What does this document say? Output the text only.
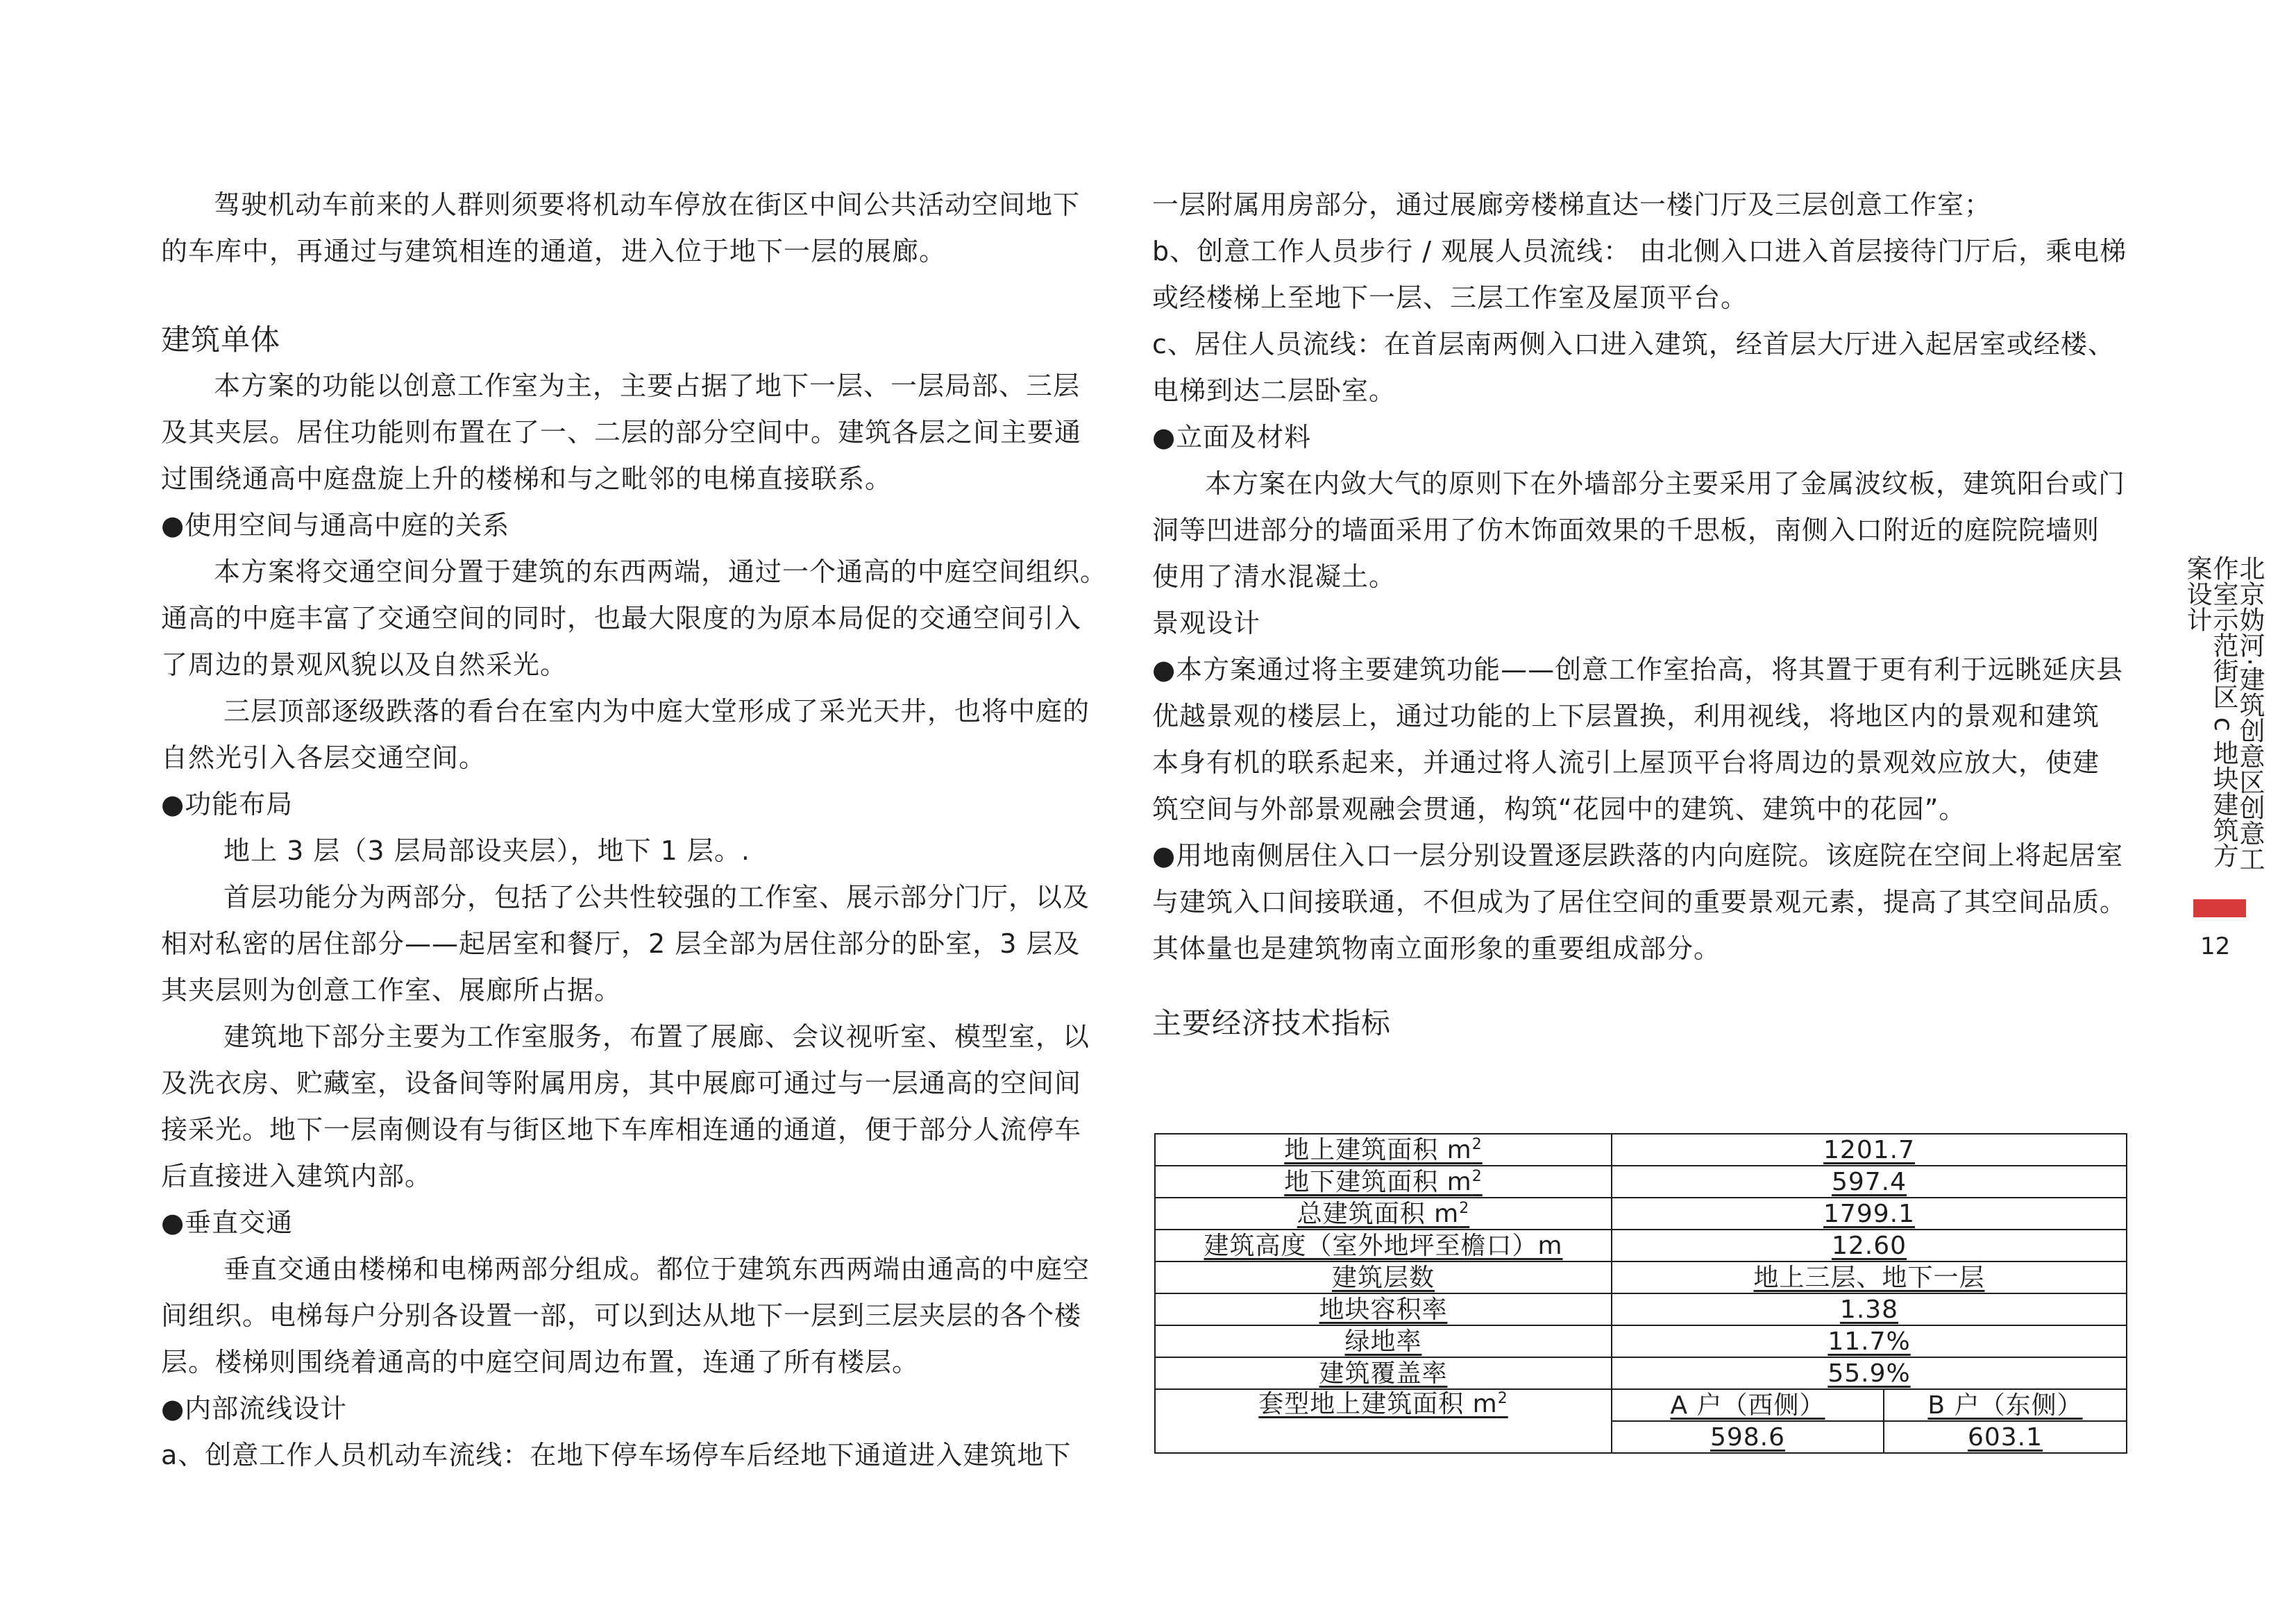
驾驶机动车前来的人群则须要将机动车停放在街区中间公共活动空间地下

的车库中，再通过与建筑相连的通道，进入位于地下一层的展廊。

建筑单体

本方案的功能以创意工作室为主，主要占据了地下一层、一层局部、三层

及其夹层。居住功能则布置在了一、二层的部分空间中。建筑各层之间主要通

过围绕通高中庭盘旋上升的楼梯和与之毗邻的电梯直接联系。

●使用空间与通高中庭的关系

本方案将交通空间分置于建筑的东西两端，通过一个通高的中庭空间组织。

通高的中庭丰富了交通空间的同时，也最大限度的为原本局促的交通空间引入

了周边的景观风貌以及自然采光。

三层顶部逐级跌落的看台在室内为中庭大堂形成了采光天井，也将中庭的

自然光引入各层交通空间。

●功能布局

地上 3 层（3 层局部设夹层），地下 1 层。.

首层功能分为两部分，包括了公共性较强的工作室、展示部分门厅，以及

相对私密的居住部分——起居室和餐厅，2 层全部为居住部分的卧室，3 层及

其夹层则为创意工作室、展廊所占据。

建筑地下部分主要为工作室服务，布置了展廊、会议视听室、模型室，以

及洗衣房、贮藏室，设备间等附属用房，其中展廊可通过与一层通高的空间间

接采光。地下一层南侧设有与街区地下车库相连通的通道，便于部分人流停车

后直接进入建筑内部。

●垂直交通

垂直交通由楼梯和电梯两部分组成。都位于建筑东西两端由通高的中庭空

间组织。电梯每户分别各设置一部，可以到达从地下一层到三层夹层的各个楼

层。楼梯则围绕着通高的中庭空间周边布置，连通了所有楼层。

●内部流线设计

a、创意工作人员机动车流线：在地下停车场停车后经地下通道进入建筑地下

一层附属用房部分，通过展廊旁楼梯直达一楼门厅及三层创意工作室；

b、创意工作人员步行 / 观展人员流线： 由北侧入口进入首层接待门厅后，乘电梯

或经楼梯上至地下一层、三层工作室及屋顶平台。

c、居住人员流线：在首层南两侧入口进入建筑，经首层大厅进入起居室或经楼、

电梯到达二层卧室。

●立面及材料

本方案在内敛大气的原则下在外墙部分主要采用了金属波纹板，建筑阳台或门

洞等凹进部分的墙面采用了仿木饰面效果的千思板，南侧入口附近的庭院院墙则

使用了清水混凝土。

景观设计

●本方案通过将主要建筑功能——创意工作室抬高，将其置于更有利于远眺延庆县

优越景观的楼层上，通过功能的上下层置换，利用视线，将地区内的景观和建筑

本身有机的联系起来，并通过将人流引上屋顶平台将周边的景观效应放大，使建

筑空间与外部景观融会贯通，构筑“花园中的建筑、建筑中的花园”。

●用地南侧居住入口一层分别设置逐层跌落的内向庭院。该庭院在空间上将起居室

与建筑入口间接联通，不但成为了居住空间的重要景观元素，提高了其空间品质。

其体量也是建筑物南立面形象的重要组成部分。

主要经济技术指标

地上建筑面积 $m^2$	1201.7	
地下建筑面积 $m^2$	597.4	
总建筑面积 $m^2$	1799.1	
建筑高度（室外地坪至檐口）m	12.60	
建筑层数	地上三层、地下一层	
地块容积率	1.38	
绿地率	11.7%	
建筑覆盖率	55.9%	
套型地上建筑面积 $m^2$	A 户（西侧）	B 户（东侧）
	598.6	603.1
北京妫河·建筑创意区创意工作室示范街区 c 地块建筑方案设计
12
